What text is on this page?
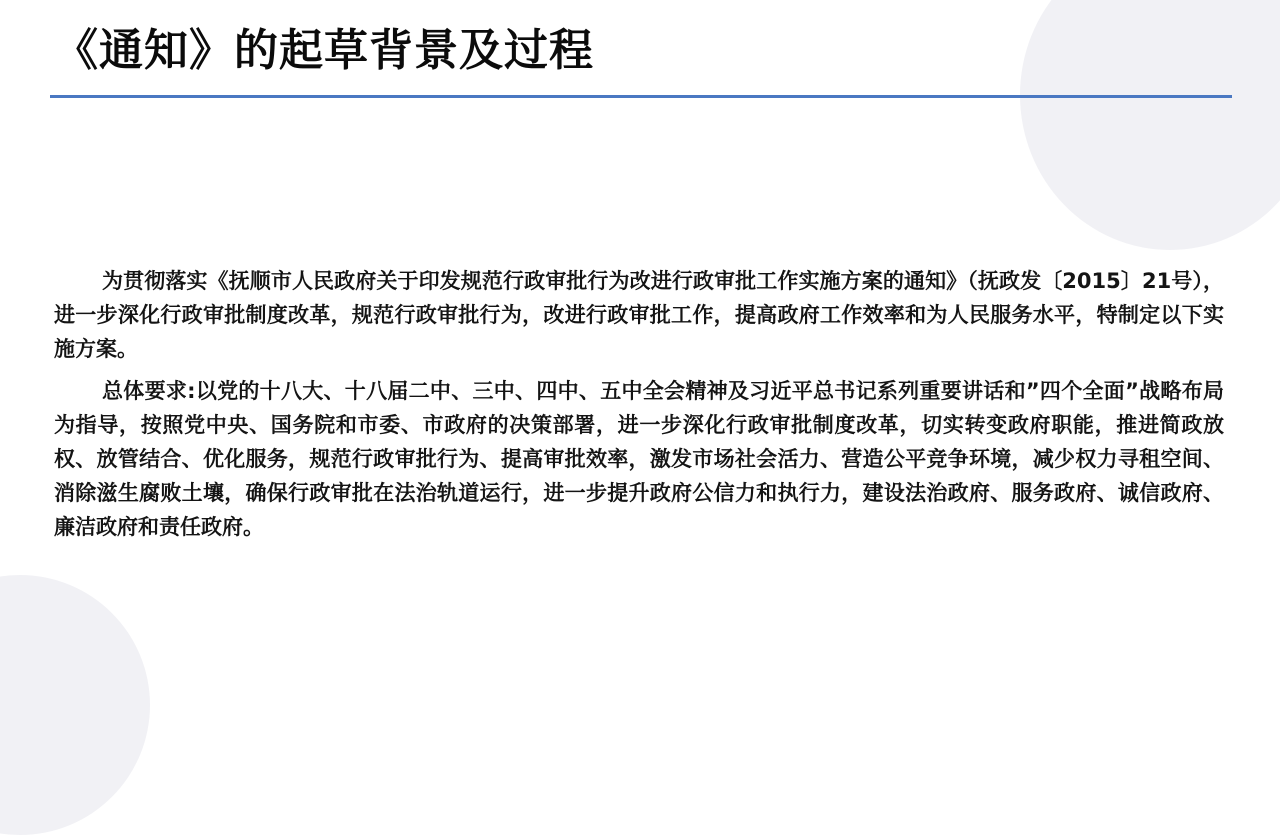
《通知》的起草背景及过程

为贯彻落实《抚顺市人民政府关于印发规范行政审批行为改进行政审批工作实施方案的通知》（抚政发〔2015〕21号），进一步深化行政审批制度改革，规范行政审批行为，改进行政审批工作，提高政府工作效率和为人民服务水平，特制定以下实施方案。

总体要求:以党的十八大、十八届二中、三中、四中、五中全会精神及习近平总书记系列重要讲话和”四个全面”战略布局为指导，按照党中央、国务院和市委、市政府的决策部署，进一步深化行政审批制度改革，切实转变政府职能，推进简政放权、放管结合、优化服务，规范行政审批行为、提高审批效率，激发市场社会活力、营造公平竞争环境，减少权力寻租空间、消除滋生腐败土壤，确保行政审批在法治轨道运行，进一步提升政府公信力和执行力，建设法治政府、服务政府、诚信政府、廉洁政府和责任政府。
